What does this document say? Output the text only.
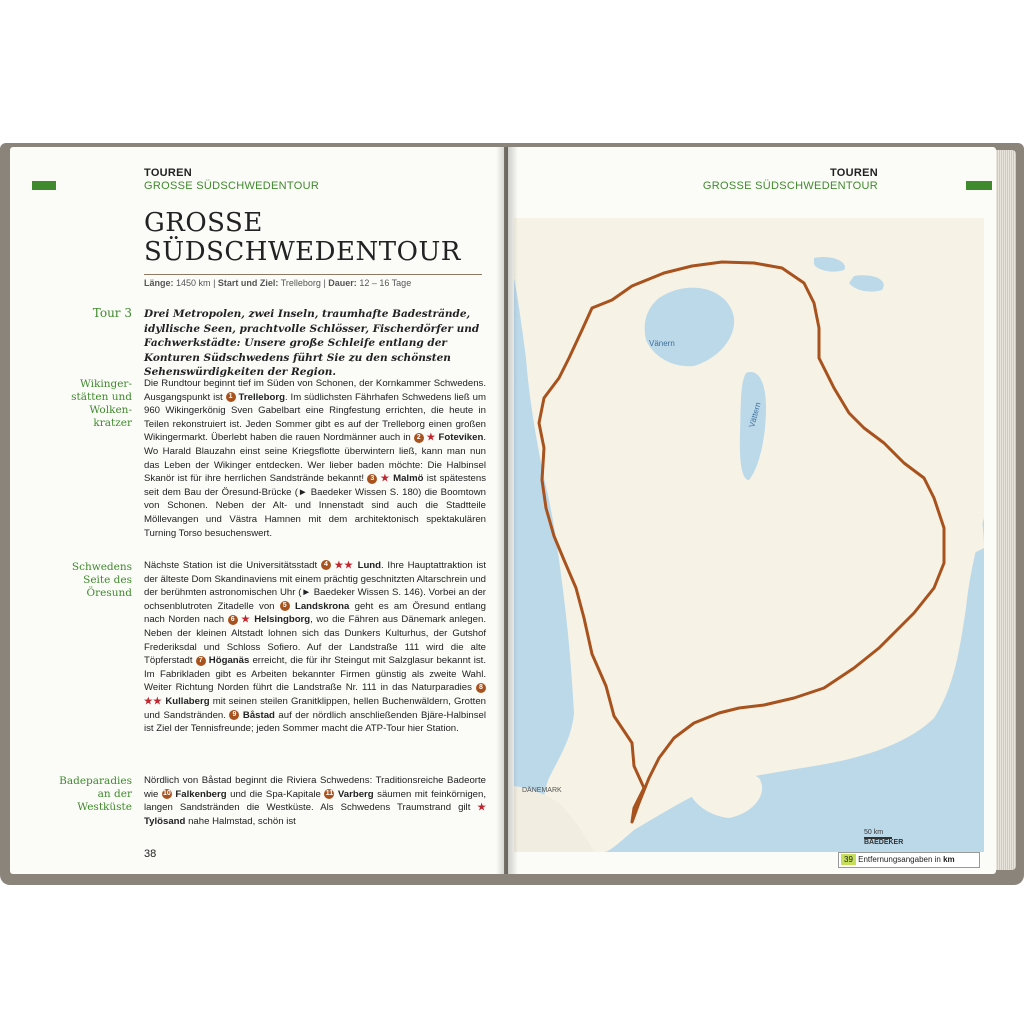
TOUREN
GROSSE SÜDSCHWEDENTOUR
GROSSE
SÜDSCHWEDENTOUR
Länge: 1450 km | Start und Ziel: Trelleborg | Dauer: 12 – 16 Tage
Tour 3 Drei Metropolen, zwei Inseln, traumhafte Badestrände, idyllische Seen, prachtvolle Schlösser, Fischerdörfer und Fachwerkstädte: Unsere große Schleife entlang der Konturen Südschwedens führt Sie zu den schönsten Sehenswürdigkeiten der Region.
Wikinger-
stätten und
Wolken-
kratzer

Die Rundtour beginnt tief im Süden von Schonen, der Kornkammer Schwedens. Ausgangspunkt ist 1 Trelleborg. Im südlichsten Fährhafen Schwedens ließ um 960 Wikingerkönig Sven Gabelbart eine Ringfestung errichten, die heute in Teilen rekonstruiert ist. Jeden Sommer gibt es auf der Trelleborg einen großen Wikingermarkt. Überlebt haben die rauen Nordmänner auch in 2 ★ Foteviken. Wo Harald Blauzahn einst seine Kriegsflotte überwintern ließ, kann man nun das Leben der Wikinger entdecken. Wer lieber baden möchte: Die Halbinsel Skanör ist für ihre herrlichen Sandstrände bekannt! 3 ★ Malmö ist spätestens seit dem Bau der Öresund-Brücke (► Baedeker Wissen S. 180) die Boomtown von Schonen. Neben der Alt- und Innenstadt sind auch die Stadtteile Möllevangen und Västra Hamnen mit dem architektonisch spektakulären Turning Torso besuchenswert.

Schwedens
Seite des
Öresund

Nächste Station ist die Universitätsstadt 4 ★★ Lund. Ihre Hauptattraktion ist der älteste Dom Skandinaviens mit einem prächtig geschnitzten Altarschrein und der berühmten astronomischen Uhr (► Baedeker Wissen S. 146). Vorbei an der ochsenblutroten Zitadelle von 5 Landskrona geht es am Öresund entlang nach Norden nach 6 ★ Helsingborg, wo die Fähren aus Dänemark anlegen. Neben der kleinen Altstadt lohnen sich das Dunkers Kulturhus, der Gutshof Frederiksdal und Schloss Sofiero. Auf der Landstraße 111 wird die alte Töpferstadt 7 Höganäs erreicht, die für ihr Steingut mit Salzglasur bekannt ist. Im Fabrikladen gibt es Arbeiten bekannter Firmen günstig als zweite Wahl. Weiter Richtung Norden führt die Landstraße Nr. 111 in das Naturparadies 8 ★★ Kullaberg mit seinen steilen Granitklippen, hellen Buchenwäldern, Grotten und Sandstränden. 9 Båstad auf der nördlich anschließenden Bjäre-Halbinsel ist Ziel der Tennisfreunde; jeden Sommer macht die ATP-Tour hier Station.

Badeparadies
an der
Westküste

Nördlich von Båstad beginnt die Riviera Schwedens: Traditionsreiche Badeorte wie 10 Falkenberg und die Spa-Kapitale 11 Varberg säumen mit feinkörnigen, langen Sandstränden die Westküste. Als Schwedens Traumstrand gilt ★ Tylösand nahe Halmstad, schön ist

38
TOUREN
GROSSE SÜDSCHWEDENTOUR
Vänern
Vättern
DÄNEMARK
50 km
BAEDEKER
39 Entfernungsangaben in km
